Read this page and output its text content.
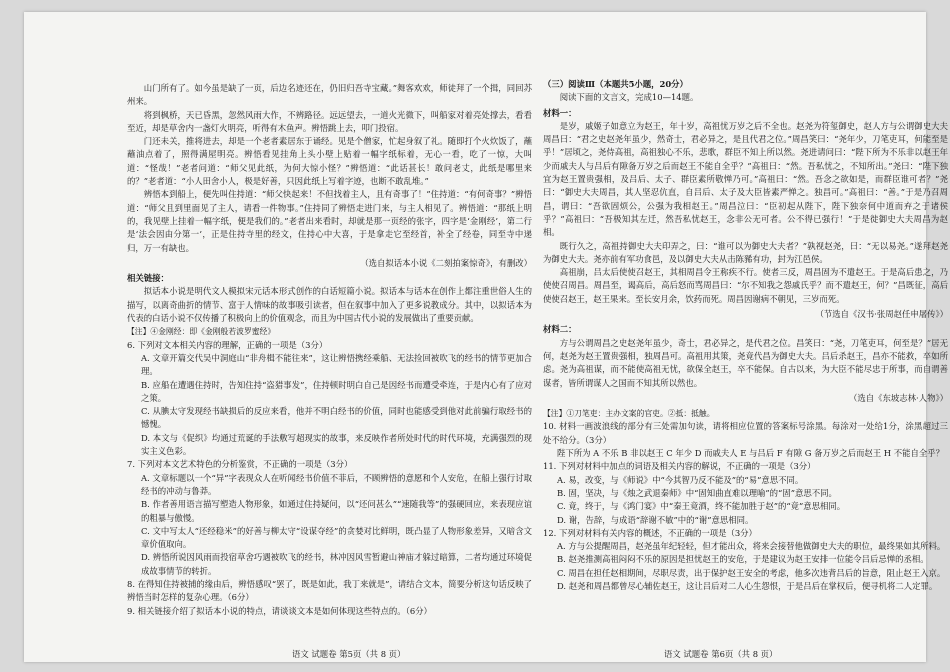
山门所有了。如今虽是缺了一页，后边名迹还在，仍旧归吾寺宝藏。”舞客欢欢，师徒拜了一个揖，同回苏州来。

将到枫桥，天已昏黑，忽然风雨大作，不辨路径。远远望去，一道火光微下，叫船家对着亮处撑去，看看至近，却是草舍内一盏灯火明亮，听得有木鱼声。辨悟跳上去，叩门投宿。

门还未关，推将进去，却是一个老者素居东于诵经。见是个僧家，忙起身叙了礼。随即打个火炊饭了，蘸蘸油点着了，照得满屋明亮。辨悟看见挂角上头小壁上贴着一幅字纸标着，无心一看，吃了一惊，大叫道：“怪哉！”老者问道：“师父见此纸，为何大惊小怪？”辨悟道：“此话甚长！敢问老丈，此纸是哪里来的？”老者道：“小人田舍小人，极是好善，只因此纸上写着字迹，也断不敢乱堆。”

辨悟本到船上，便先叫住持道：“师父快起来！不但找着主人，且有奇事了！”住持道：“有何奇事？”辨悟道：“师父且到里面见了主人，请看一件物事。”住持同了辨悟走进门来，与主人相见了。辨悟道：“那纸上明的，我见壁上挂着一幅字纸，便是我们的。”老者出来看时，却就是那一页经的张字，四字是‘金刚经’，第二行是‘法会因由分第一’，正是住持寺里的经文，住持心中大喜，于是拿走它至经首，补全了经卷，同至寺中递归，万一有缺也。

（选自拟话本小说《二刻拍案惊奇》，有删改）

相关链接：

拟话本小说是明代文人模拟宋元话本形式创作的白话短篇小说。拟话本与话本在创作上都注重世俗人生的描写，以离奇曲折的情节、富于人情味的故事吸引读者，但在叙事中加入了更多说教成分。其中，以拟话本为代表的白话小说不仅传播了积极向上的价值观念，而且为中国古代小说的发展做出了重要贡献。

【注】④金刚经：即《金刚般若波罗蜜经》

6. 下列对文本相关内容的理解，正确的一项是（3分）

A. 文章开篇交代吴中洞庭山“非舟楫不能往来”，这让辨悟携经乘船、无法捡回被吹飞的经书的情节更加合理。

B. 应船在遭遇住持时，告知住持“盗猎事发”，住持顿时明白自己是因经书而遭受牵连，于是内心有了应对之策。

C. 从腆太守发现经书缺损后的反应来看，他并不明白经书的价值，同时也能感受到他对此前骗行取经书的憾愧。

D. 本文与《促织》均通过荒诞的手法敷写超现实的故事，来反映作者所处时代的时代环境，充满强烈的现实主义色彩。

7. 下列对本文艺术特色的分析鉴赏，不正确的一项是（3分）

A. 文章标题以一个“异”字表现众人在听闻经书价值不菲后，不顾辨悟的意愿和个人安危，在船上强行讨取经书的冲动与鲁莽。

B. 作者善用语言描写塑造人物形象，如通过住持疑问，以“还问甚么”“速随我等”的强硬回应，来表现应谊的粗暴与傲慢。

C. 文中写太人“还经稳米”的好善与柳太守“设谋夺经”的贪婪对比鲜明，既凸显了人物形象差异，又暗含文章价值取向。

D. 辨悟所说因风雨而投宿草舍巧遇被吹飞的经书，林冲因风雪暂避山神庙才躲过暗算，二者均通过环境促成故事情节的转折。

8. 在得知住持被捕的缘由后，辨悟感叹“罢了，既是如此，我丁来就是”，请结合文本，简要分析这句话反映了辨悟当时怎样的复杂心理。（6分）

9. 相关链接介绍了拟话本小说的特点，请谈谈文本是如何体现这些特点的。（6分）

（三）阅读Ⅲ（本题共5小题，20分）

阅读下面的文言文，完成10—14题。

材料一：

是岁，戚姬子如意立为赵王，年十岁，高祖忧万岁之后不全也。赵尧为符玺御史，赵人方与公谓御史大夫周昌曰：“君之史赵尧年虽少，然奇士，君必异之，是且代君之位。”周昌笑曰：“尧年少，刀笔吏耳，何能至是乎！”居顷之，尧侍高祖，高祖独心不乐，悲歌，群臣不知上所以然。尧进请问曰：“陛下所为不乐非以赵王年少而戚夫人与吕后有隙备万岁之后而赵王不能自全乎？”高祖曰：“然。吾私忧之，不知所出。”尧曰：“陛下独宜为赵王置贵强相，及吕后、太子、群臣素所敬惮乃可。”高祖曰：“然。吾念之欲如是，而群臣谁可者？”尧曰：“御史大夫周昌，其人坚忍伉直，自吕后、太子及大臣皆素严惮之。独昌可。”高祖曰：“善。”于是乃召周昌，谓曰：“吾欲固烦公，公强为我相赵王。”周昌泣曰：“臣初起从陛下，陛下独奈何中道而弃之于诸侯乎？”高祖曰：“吾极知其左迁，然吾私忧赵王，念非公无可者。公不得已强行！”于是徙御史大夫周昌为赵相。

既行久之，高祖持御史大夫印弄之，曰：“谁可以为御史大夫者？”孰视赵尧，曰：“无以易尧。”遂拜赵尧为御史大夫。尧亦前有军功食邑，及以御史大夫从击陈豨有功，封为江邑侯。

高祖崩，吕太后使使召赵王，其相周昌令王称疾不行。使者三反，周昌固为不遣赵王。于是高后患之，乃使使召周昌。周昌至，谒高后，高后怒而骂周昌曰：“尔不知我之怨戚氏乎？而不遣赵王，何？”昌既征，高后使使召赵王，赵王果来。至长安月余，饮药而死。周昌因谢病不朝见，三岁而死。

（节选自《汉书·张周赵任申屠传》）

材料二：

方与公谓周昌之史赵尧年虽少，奇士，君必异之，是代君之位。昌笑曰：“尧，刀笔吏耳，何至是？”居无何，赵尧为赵王置贵强相，独周昌可。高祖用其策，尧竟代昌为御史大夫。吕后杀赵王，昌亦不能救，卒如所虑。尧为高祖谋，而不能使高祖无忧，欲保全赵王，卒不能保。自古以来，为大臣不能尽忠于所事，而自谓善谋者，皆所谓谋人之国而不知其所以然也。

（选自《东坡志林·人物》）

【注】①刀笔吏：主办文案的官吏。②抵：抵触。

10. 材料一画波浪线的部分有三处需加句读，请将相应位置的答案标号涂黑。每涂对一处给1分，涂黑超过三处不给分。（3分）

陛下所为 A 不乐 B 非以赵王 C 年少 D 而戚夫人 E 与吕后 F 有隙 G 备万岁之后而赵王 H 不能自全乎？

11. 下列对材料中加点的词语及相关内容的解说，不正确的一项是（3分）

A. 易，改变，与《师说》中“今其智乃反不能及”的“易”意思不同。

B. 固，坚决，与《烛之武退秦师》中“固知曲直难以理喻”的“固”意思不同。

C. 竟，终于，与《鸿门宴》中“秦王竟酒，终不能加胜于赵”的“竟”意思相同。

D. 谢，告辞，与成语“辞谢不敏”中的“谢”意思相同。

12. 下列对材料有关内容的概述，不正确的一项是（3分）

A. 方与公提醒周昌，赵尧虽年纪轻轻，但才能出众，将来会接替他做御史大夫的职位，最终果如其所料。

B. 赵尧推测高祖闷闷不乐的原因是担忧赵王的安危，于是建议为赵王安排一位能令吕后忌惮的丞相。

C. 周昌在担任赵相期间，尽职尽责，出于保护赵王安全的考虑，他多次违背吕后的旨意，阻止赵王入京。

D. 赵尧和周昌都曾尽心辅佐赵王，这让吕后对二人心生怨恨，于是吕后在掌权后，便寻机将二人定罪。

语文 试题卷 第5页（共 8 页）	语文 试题卷 第6页（共 8 页）
